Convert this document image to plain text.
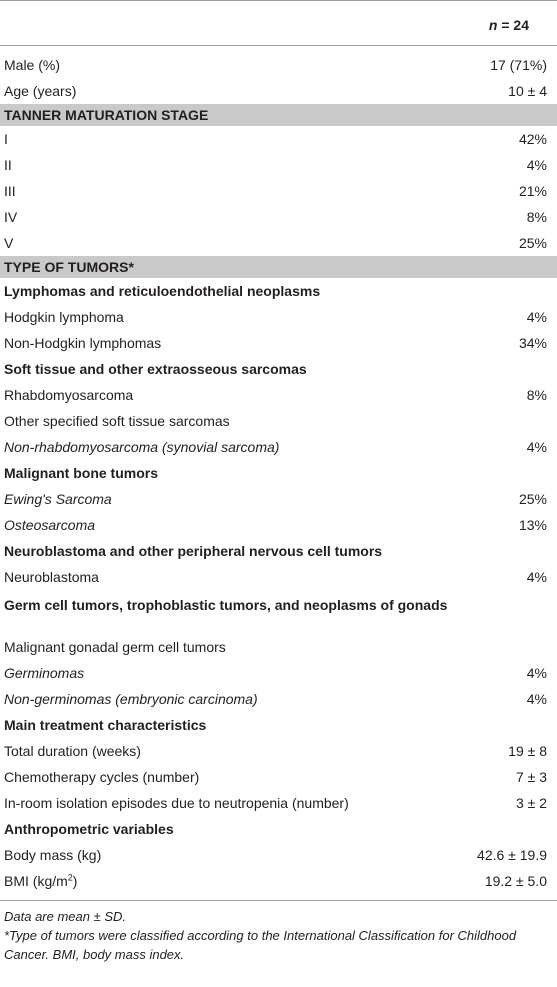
n = 24
Male (%)	17 (71%)
Age (years)	10 ± 4
TANNER MATURATION STAGE
I	42%
II	4%
III	21%
IV	8%
V	25%
TYPE OF TUMORS*
Lymphomas and reticuloendothelial neoplasms
Hodgkin lymphoma	4%
Non-Hodgkin lymphomas	34%
Soft tissue and other extraosseous sarcomas
Rhabdomyosarcoma	8%
Other specified soft tissue sarcomas
Non-rhabdomyosarcoma (synovial sarcoma)	4%
Malignant bone tumors
Ewing's Sarcoma	25%
Osteosarcoma	13%
Neuroblastoma and other peripheral nervous cell tumors
Neuroblastoma	4%
Germ cell tumors, trophoblastic tumors, and neoplasms of gonads
Malignant gonadal germ cell tumors
Germinomas	4%
Non-germinomas (embryonic carcinoma)	4%
Main treatment characteristics
Total duration (weeks)	19 ± 8
Chemotherapy cycles (number)	7 ± 3
In-room isolation episodes due to neutropenia (number)	3 ± 2
Anthropometric variables
Body mass (kg)	42.6 ± 19.9
BMI $(kg/m^2)$	19.2 ± 5.0

Data are mean ± SD.

*Type of tumors were classified according to the International Classification for Childhood Cancer. BMI, body mass index.
